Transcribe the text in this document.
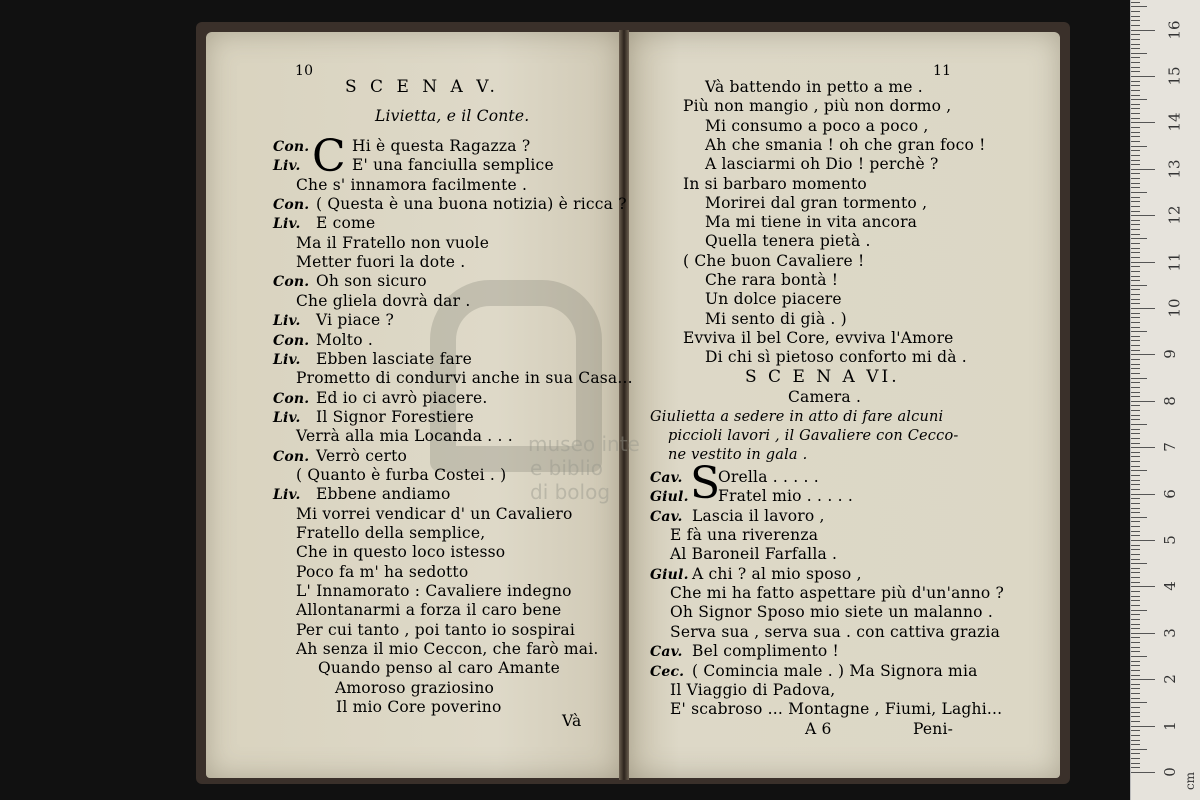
museo inte
e biblio
di bolog
10
S C E N A V.
Livietta, e il Conte.
C
Con.	Hi è questa Ragazza ?
Liv.	E' una fanciulla semplice
Che s' innamora facilmente .
Con. ( Questa è una buona notizia) è ricca ?
Liv. E come
Ma il Fratello non vuole
Metter fuori la dote .
Con. Oh son sicuro
Che gliela dovrà dar .
Liv. Vi piace ?
Con. Molto .
Liv. Ebben lasciate fare
Prometto di condurvi anche in sua Casa...
Con. Ed io ci avrò piacere.
Liv. Il Signor Forestiere
Verrà alla mia Locanda . . .
Con. Verrò certo
( Quanto è furba Costei . )
Liv. Ebbene andiamo
Mi vorrei vendicar d' un Cavaliero
Fratello della semplice,
Che in questo loco istesso
Poco fa m' ha sedotto
L' Innamorato : Cavaliere indegno
Allontanarmi a forza il caro bene
Per cui tanto , poi tanto io sospirai
Ah senza il mio Ceccon, che farò mai.
Quando penso al caro Amante
Amoroso graziosino
Il mio Core poverino
Và
11
Và battendo in petto a me .
Più non mangio , più non dormo ,
Mi consumo a poco a poco ,
Ah che smania ! oh che gran foco !
A lasciarmi oh Dio ! perchè ?
In si barbaro momento
Morirei dal gran tormento ,
Ma mi tiene in vita ancora
Quella tenera pietà .
( Che buon Cavaliere !
Che rara bontà !
Un dolce piacere
Mi sento di già . )
Evviva il bel Core, evviva l'Amore
Di chi sì pietoso conforto mi dà .
S C E N A VI.
Camera .
Giulietta a sedere in atto di fare alcuni
piccioli lavori , il Gavaliere con Cecco-
ne vestito in gala .
S
Cav. Orella . . . . .
Giul. Fratel mio . . . . .
Cav. Lascia il lavoro ,
E fà una riverenza
Al Baroneil Farfalla .
Giul. A chi ? al mio sposo ,
Che mi ha fatto aspettare più d'un'anno ?
Oh Signor Sposo mio siete un malanno .
Serva sua , serva sua . con cattiva grazia
Cav. Bel complimento !
Cec. ( Comincia male . ) Ma Signora mia
Il Viaggio di Padova,
E' scabroso ... Montagne , Fiumi, Laghi...
A 6	Peni-
0
1
2
3
4
5
6
7
8
9
10
11
12
13
14
15
16
cm
